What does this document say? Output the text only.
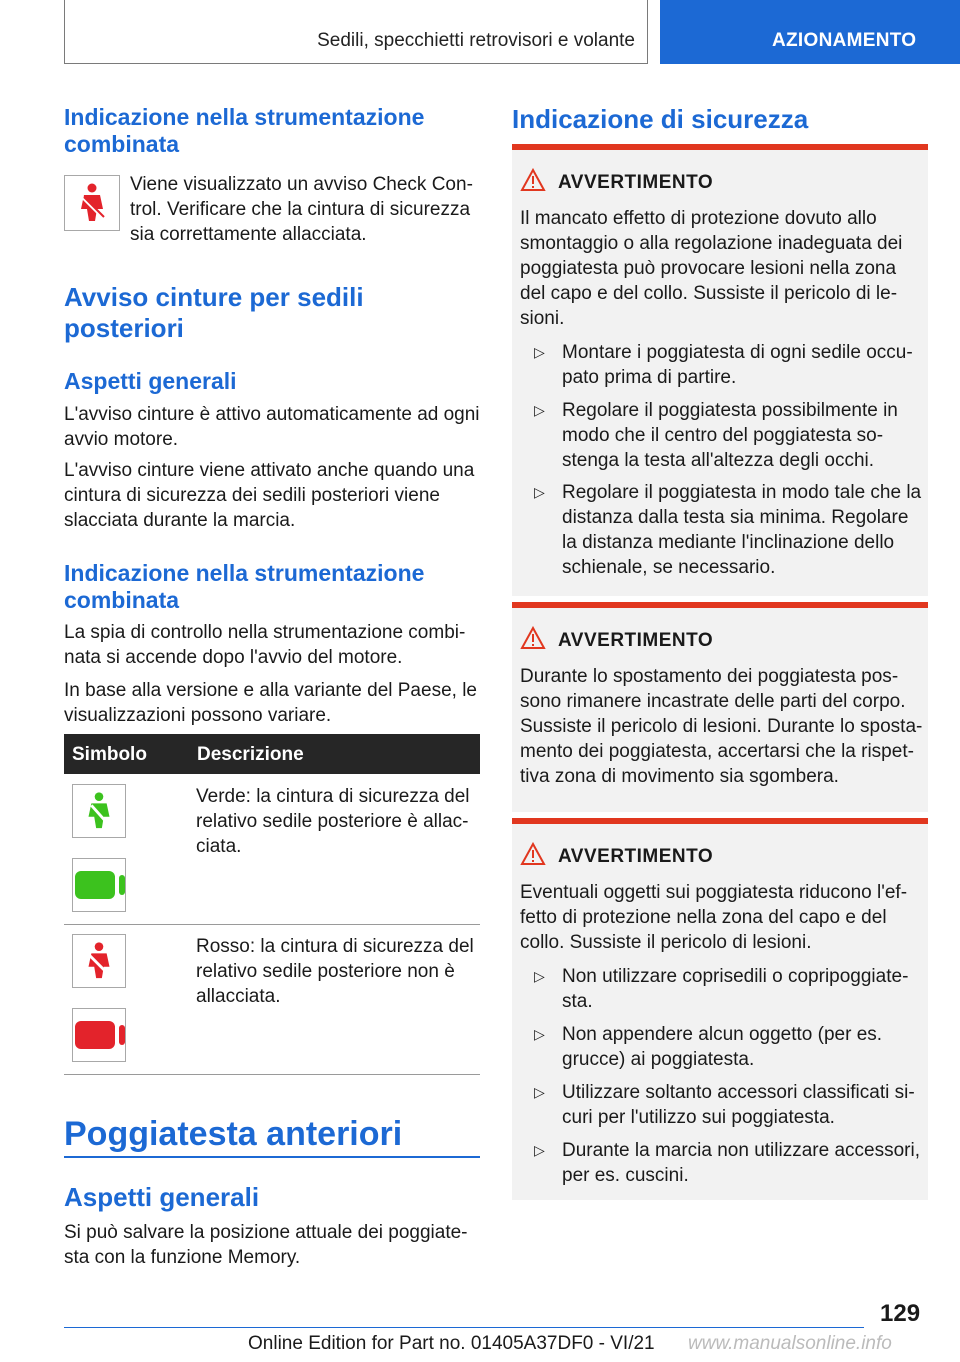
Sedili, specchietti retrovisori e volante	AZIONAMENTO
Indicazione nella strumentazione combinata
Viene visualizzato un avviso Check Control. Verificare che la cintura di sicurezza sia correttamente allacciata.
Avviso cinture per sedili posteriori
Aspetti generali
L'avviso cinture è attivo automaticamente ad ogni avvio motore.
L'avviso cinture viene attivato anche quando una cintura di sicurezza dei sedili posteriori viene slacciata durante la marcia.
Indicazione nella strumentazione combinata
La spia di controllo nella strumentazione combinata si accende dopo l'avvio del motore.
In base alla versione e alla variante del Paese, le visualizzazioni possono variare.
Simbolo	Descrizione
Verde: la cintura di sicurezza del relativo sedile posteriore è allacciata.
Rosso: la cintura di sicurezza del relativo sedile posteriore non è allacciata.
Poggiatesta anteriori
Aspetti generali
Si può salvare la posizione attuale dei poggiatesta con la funzione Memory.
Indicazione di sicurezza
AVVERTIMENTO
Il mancato effetto di protezione dovuto allo smontaggio o alla regolazione inadeguata dei poggiatesta può provocare lesioni nella zona del capo e del collo. Sussiste il pericolo di lesioni.
▷ Montare i poggiatesta di ogni sedile occupato prima di partire.
▷ Regolare il poggiatesta possibilmente in modo che il centro del poggiatesta sostenga la testa all'altezza degli occhi.
▷ Regolare il poggiatesta in modo tale che la distanza dalla testa sia minima. Regolare la distanza mediante l'inclinazione dello schienale, se necessario.
AVVERTIMENTO
Durante lo spostamento dei poggiatesta possono rimanere incastrate delle parti del corpo. Sussiste il pericolo di lesioni. Durante lo spostamento dei poggiatesta, accertarsi che la rispettiva zona di movimento sia sgombera.
AVVERTIMENTO
Eventuali oggetti sui poggiatesta riducono l'effetto di protezione nella zona del capo e del collo. Sussiste il pericolo di lesioni.
▷ Non utilizzare coprisedili o copripoggiatesta.
▷ Non appendere alcun oggetto (per es. grucce) ai poggiatesta.
▷ Utilizzare soltanto accessori classificati sicuri per l'utilizzo sui poggiatesta.
▷ Durante la marcia non utilizzare accessori, per es. cuscini.
129
Online Edition for Part no. 01405A37DF0 - VI/21 www.manualsonline.info
